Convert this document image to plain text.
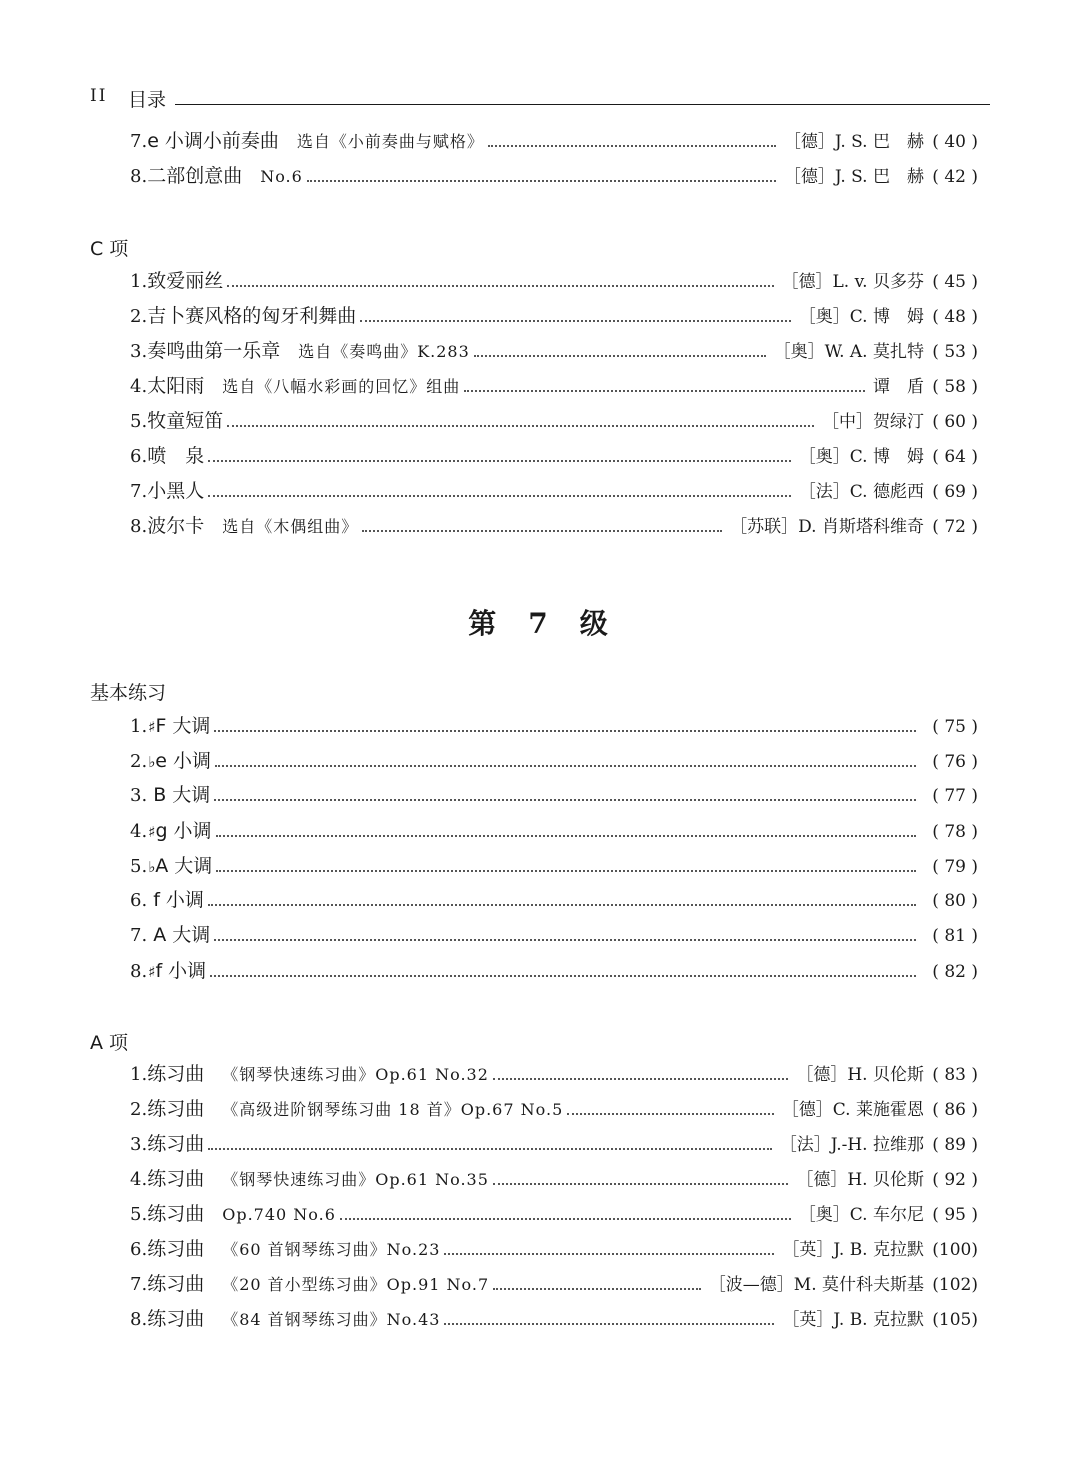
II 目录
7. e 小调小前奏曲 选自《小前奏曲与赋格》	［德］J. S. 巴　赫 ( 40 )
8. 二部创意曲 No.6	［德］J. S. 巴　赫 ( 42 )
C 项
1. 致爱丽丝	［德］L. v. 贝多芬 ( 45 )
2. 吉卜赛风格的匈牙利舞曲	［奥］C. 博　姆 ( 48 )
3. 奏鸣曲第一乐章 选自《奏鸣曲》K.283	［奥］W. A. 莫扎特 ( 53 )
4. 太阳雨 选自《八幅水彩画的回忆》组曲	谭　盾 ( 58 )
5. 牧童短笛	［中］贺绿汀 ( 60 )
6. 喷　泉	［奥］C. 博　姆 ( 64 )
7. 小黑人	［法］C. 德彪西 ( 69 )
8. 波尔卡 选自《木偶组曲》	［苏联］D. 肖斯塔科维奇 ( 72 )
第 7 级
基本练习
1. ♯ F 大调	( 75 )
2. ♭ e 小调	( 76 )
3. B 大调	( 77 )
4. ♯ g 小调	( 78 )
5. ♭ A 大调	( 79 )
6. f 小调	( 80 )
7. A 大调	( 81 )
8. ♯ f 小调	( 82 )
A 项
1. 练习曲 《钢琴快速练习曲》Op.61 No.32	［德］H. 贝伦斯 ( 83 )
2. 练习曲 《高级进阶钢琴练习曲 18 首》Op.67 No.5	［德］C. 莱施霍恩 ( 86 )
3. 练习曲	［法］J.-H. 拉维那 ( 89 )
4. 练习曲 《钢琴快速练习曲》Op.61 No.35	［德］H. 贝伦斯 ( 92 )
5. 练习曲 Op.740 No.6	［奥］C. 车尔尼 ( 95 )
6. 练习曲 《60 首钢琴练习曲》No.23	［英］J. B. 克拉默 (100)
7. 练习曲 《20 首小型练习曲》Op.91 No.7	［波—德］M. 莫什科夫斯基 (102)
8. 练习曲 《84 首钢琴练习曲》No.43	［英］J. B. 克拉默 (105)
